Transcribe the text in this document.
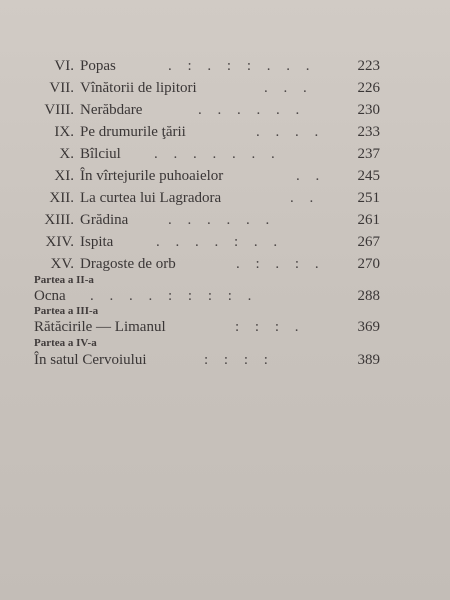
VI. Popas	. : . : : . . .	223
VII. Vînătorii de lipitori	. . .	226
VIII. Nerăbdare	. . . . . .	230
IX. Pe drumurile ţării	. . . . 233
X. Bîlciul . . . . . . .	237
XI. În vîrtejurile puhoaielor	. . 245
XII. La curtea lui Lagradora	. .	251
XIII. Grădina	. . . . . .	261
XIV. Ispita	. . . . : . .	267
XV. Dragoste de orb	. : . : . 270
Partea a II-a
Ocna . . . . : : : : .	288
Partea a III-a
Rătăcirile — Limanul	: : : .	369
Partea a IV-a
În satul Cervoiului	: : : :	389
